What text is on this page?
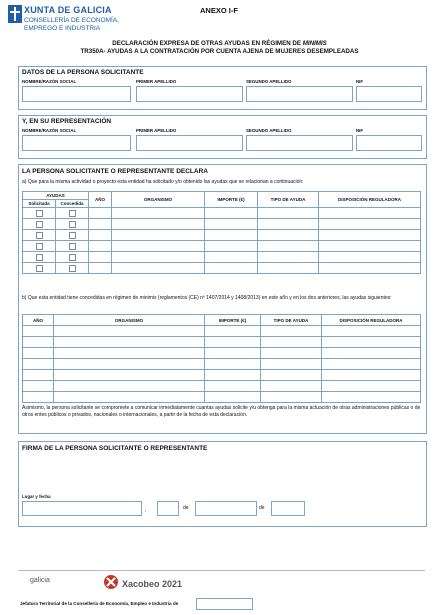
XUNTA DE GALICIA
CONSELLERÍA DE ECONOMÍA,
EMPREGO E INDUSTRIA
ANEXO I-F
DECLARACIÓN EXPRESA DE OTRAS AYUDAS EN RÉGIMEN DE MINIMIS
TR350A- AYUDAS A LA CONTRATACIÓN POR CUENTA AJENA DE MUJERES DESEMPLEADAS
DATOS DE LA PERSONA SOLICITANTE
NOMBRE/RAZÓN SOCIAL	PRIMER APELLIDO	SEGUNDO APELLIDO	NIF
Y, EN SU REPRESENTACIÓN
NOMBRE/RAZÓN SOCIAL	PRIMER APELLIDO	SEGUNDO APELLIDO	NIF
LA PERSONA SOLICITANTE O REPRESENTANTE DECLARA
a) Que para la misma actividad o proyecto esta entidad ha solicitado y/o obtenido las ayudas que se relacionan a continuación:
AYUDAS		AÑO	ORGANISMO	IMPORTE (€)	TIPO DE AYUDA	DISPOSICIÓN REGULADORA
Solicitada	Concedida					

b) Que esta entidad tiene concedidas en régimen de minimis (reglamentos (CE) nº 1407/2014 y 1408/2013) en este año y en los dos anteriores, las ayudas siguientes:
AÑO	ORGANISMO	IMPORTE (€)	TIPO DE AYUDA	DISPOSICIÓN REGULADORA

Asimismo, la persona solicitante se compromete a comunicar inmediatamente cuantas ayudas solicite y/u obtenga para la misma actuación de otras administraciones públicas o de otros entes públicos o privados, nacionales o internacionales, a partir de la fecha de esta declaración.
FIRMA DE LA PERSONA SOLICITANTE O REPRESENTANTE
Lugar y fecha
,	de	de
galicia	Xacobeo 2021
Jefatura Territorial de la Consellería de Economía, Empleo e Industria de
